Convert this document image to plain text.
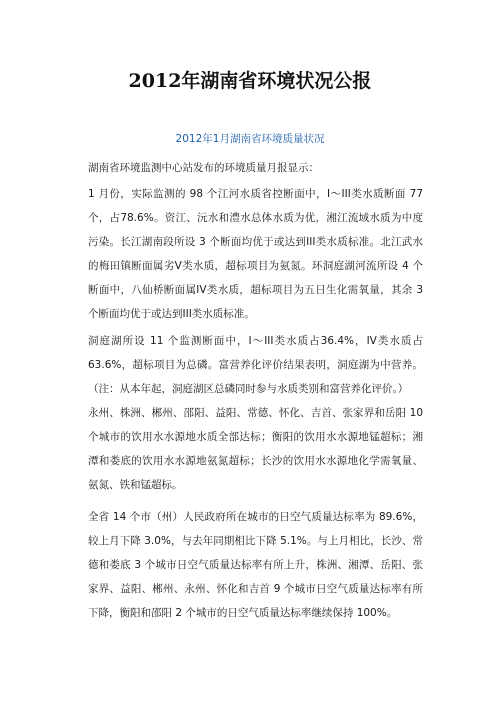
2012年湖南省环境状况公报
2012年1月湖南省环境质量状况
湖南省环境监测中心站发布的环境质量月报显示：
1 月份，实际监测的 98 个江河水质省控断面中，I～III类水质断面 77 个，占78.6%。资江、沅水和澧水总体水质为优，湘江流域水质为中度污染。长江湖南段所设 3 个断面均优于或达到III类水质标准。北江武水的梅田镇断面属劣V类水质，超标项目为氨氮。环洞庭湖河流所设 4 个断面中，八仙桥断面属IV类水质，超标项目为五日生化需氧量，其余 3 个断面均优于或达到III类水质标准。
洞庭湖所设 11 个监测断面中，I～III类水质占36.4%，IV类水质占63.6%，超标项目为总磷。富营养化评价结果表明，洞庭湖为中营养。（注：从本年起，洞庭湖区总磷同时参与水质类别和富营养化评价。）
永州、株洲、郴州、邵阳、益阳、常德、怀化、吉首、张家界和岳阳 10 个城市的饮用水水源地水质全部达标；衡阳的饮用水水源地锰超标；湘潭和娄底的饮用水水源地氨氮超标；长沙的饮用水水源地化学需氧量、氨氮、铁和锰超标。
全省 14 个市（州）人民政府所在城市的日空气质量达标率为 89.6%，较上月下降 3.0%，与去年同期相比下降 5.1%。与上月相比，长沙、常德和娄底 3 个城市日空气质量达标率有所上升，株洲、湘潭、岳阳、张家界、益阳、郴州、永州、怀化和吉首 9 个城市日空气质量达标率有所下降，衡阳和邵阳 2 个城市的日空气质量达标率继续保持 100%。
